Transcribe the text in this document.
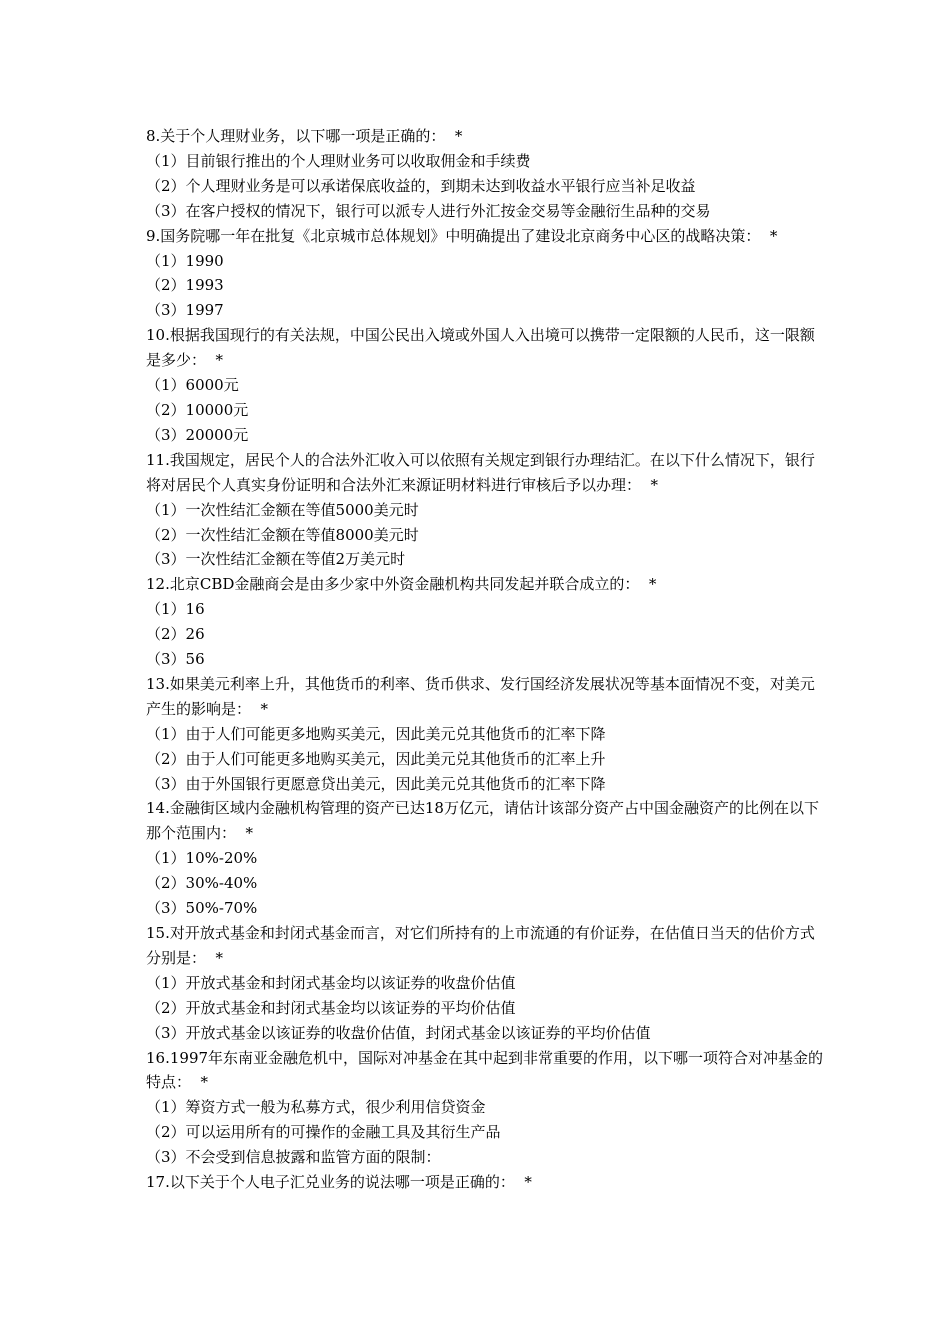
8.关于个人理财业务，以下哪一项是正确的：  *

（1）目前银行推出的个人理财业务可以收取佣金和手续费

（2）个人理财业务是可以承诺保底收益的，到期未达到收益水平银行应当补足收益

（3）在客户授权的情况下，银行可以派专人进行外汇按金交易等金融衍生品种的交易

9.国务院哪一年在批复《北京城市总体规划》中明确提出了建设北京商务中心区的战略决策：  *

（1）1990

（2）1993

（3）1997

10.根据我国现行的有关法规，中国公民出入境或外国人入出境可以携带一定限额的人民币，这一限额是多少：  *

（1）6000元

（2）10000元

（3）20000元

11.我国规定，居民个人的合法外汇收入可以依照有关规定到银行办理结汇。在以下什么情况下，银行将对居民个人真实身份证明和合法外汇来源证明材料进行审核后予以办理：  *

（1）一次性结汇金额在等值5000美元时

（2）一次性结汇金额在等值8000美元时

（3）一次性结汇金额在等值2万美元时

12.北京CBD金融商会是由多少家中外资金融机构共同发起并联合成立的：  *

（1）16

（2）26

（3）56

13.如果美元利率上升，其他货币的利率、货币供求、发行国经济发展状况等基本面情况不变，对美元产生的影响是：  *

（1）由于人们可能更多地购买美元，因此美元兑其他货币的汇率下降

（2）由于人们可能更多地购买美元，因此美元兑其他货币的汇率上升

（3）由于外国银行更愿意贷出美元，因此美元兑其他货币的汇率下降

14.金融街区域内金融机构管理的资产已达18万亿元，请估计该部分资产占中国金融资产的比例在以下那个范围内：  *

（1）10%-20%

（2）30%-40%

（3）50%-70%

15.对开放式基金和封闭式基金而言，对它们所持有的上市流通的有价证券，在估值日当天的估价方式分别是：  *

（1）开放式基金和封闭式基金均以该证券的收盘价估值

（2）开放式基金和封闭式基金均以该证券的平均价估值

（3）开放式基金以该证券的收盘价估值，封闭式基金以该证券的平均价估值

16.1997年东南亚金融危机中，国际对冲基金在其中起到非常重要的作用，以下哪一项符合对冲基金的特点：  *

（1）筹资方式一般为私募方式，很少利用信贷资金

（2）可以运用所有的可操作的金融工具及其衍生产品

（3）不会受到信息披露和监管方面的限制：

17.以下关于个人电子汇兑业务的说法哪一项是正确的：  *
